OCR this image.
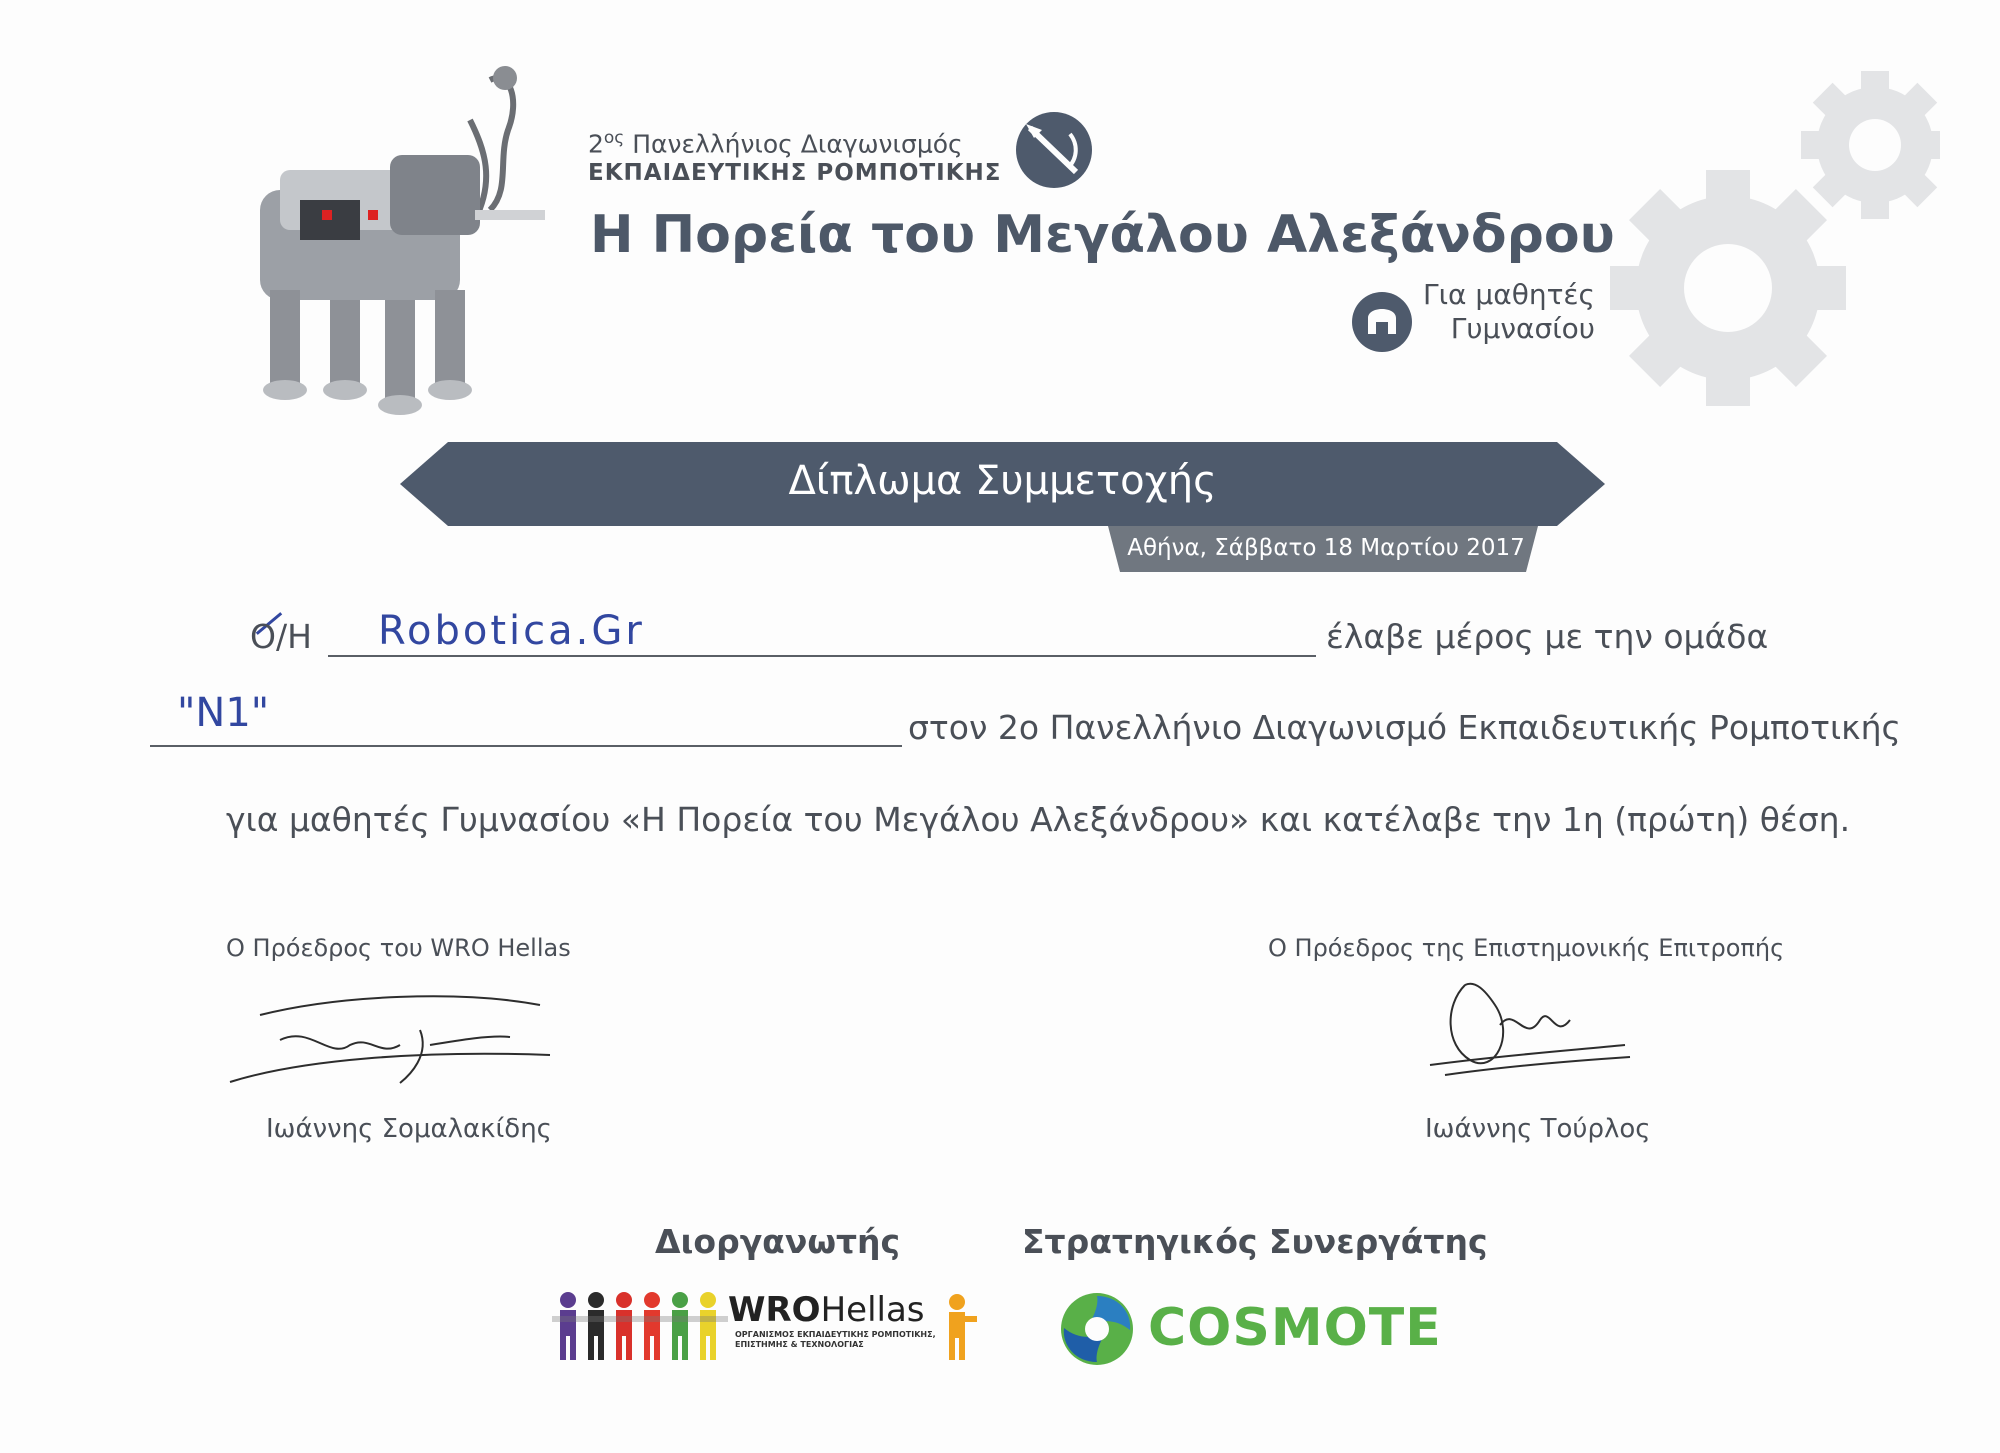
$2^{o\varsigma}$ Πανελλήνιος Διαγωνισμός
ΕΚΠΑΙΔΕΥΤΙΚΗΣ ΡΟΜΠΟΤΙΚΗΣ
Η Πορεία του Μεγάλου Αλεξάνδρου
Για μαθητές
Γυμνασίου
Δίπλωμα Συμμετοχής
Αθήνα, Σάββατο 18 Μαρτίου 2017
Ο/Η Robotica.Gr	έλαβε μέρος με την ομάδα
"N1"	στον 2ο Πανελλήνιο Διαγωνισμό Εκπαιδευτικής Ρομποτικής
για μαθητές Γυμνασίου «Η Πορεία του Μεγάλου Αλεξάνδρου» και κατέλαβε την 1η (πρώτη) θέση.
Ο Πρόεδρος του WRO Hellas
Ιωάννης Σομαλακίδης
Ο Πρόεδρος της Επιστημονικής Επιτροπής
Ιωάννης Τούρλος
Διοργανωτής	Στρατηγικός Συνεργάτης
WROHellas
ΟΡΓΑΝΙΣΜΟΣ ΕΚΠΑΙΔΕΥΤΙΚΗΣ ΡΟΜΠΟΤΙΚΗΣ, ΕΠΙΣΤΗΜΗΣ & ΤΕΧΝΟΛΟΓΙΑΣ	COSMOTE
